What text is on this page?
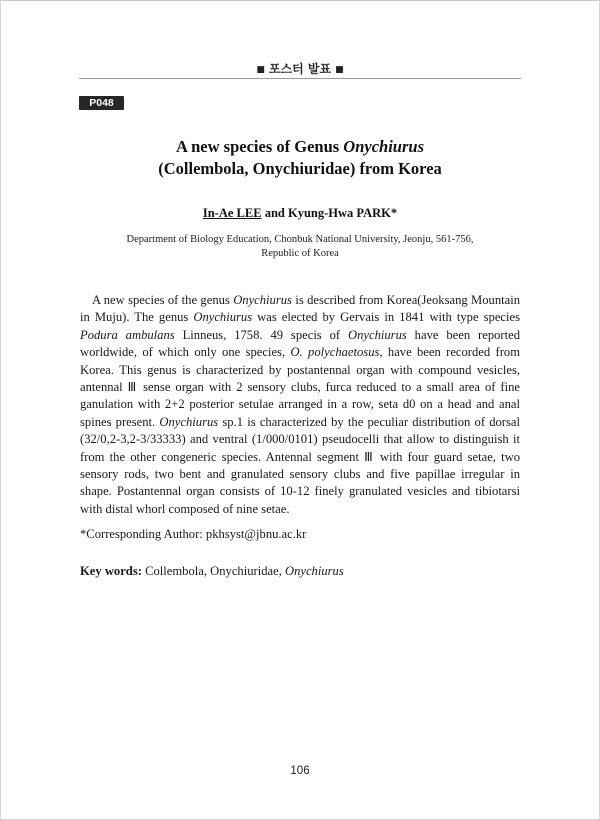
■ 포스터 발표 ■
P048
A new species of Genus Onychiurus
(Collembola, Onychiuridae) from Korea
In-Ae LEE and Kyung-Hwa PARK*
Department of Biology Education, Chonbuk National University, Jeonju, 561-756,
Republic of Korea
A new species of the genus Onychiurus is described from Korea(Jeoksang Mountain in Muju). The genus Onychiurus was elected by Gervais in 1841 with type species Podura ambulans Linneus, 1758. 49 specis of Onychiurus have been reported worldwide, of which only one species, O. polychaetosus, have been recorded from Korea. This genus is characterized by postantennal organ with compound vesicles, antennal Ⅲ sense organ with 2 sensory clubs, furca reduced to a small area of fine ganulation with 2+2 posterior setulae arranged in a row, seta d0 on a head and anal spines present. Onychiurus sp.1 is characterized by the peculiar distribution of dorsal (32/0,2-3,2-3/33333) and ventral (1/000/0101) pseudocelli that allow to distinguish it from the other congeneric species. Antennal segment Ⅲ with four guard setae, two sensory rods, two bent and granulated sensory clubs and five papillae irregular in shape. Postantennal organ consists of 10-12 finely granulated vesicles and tibiotarsi with distal whorl composed of nine setae.
*Corresponding Author: pkhsyst@jbnu.ac.kr
Key words: Collembola, Onychiuridae, Onychiurus
106
